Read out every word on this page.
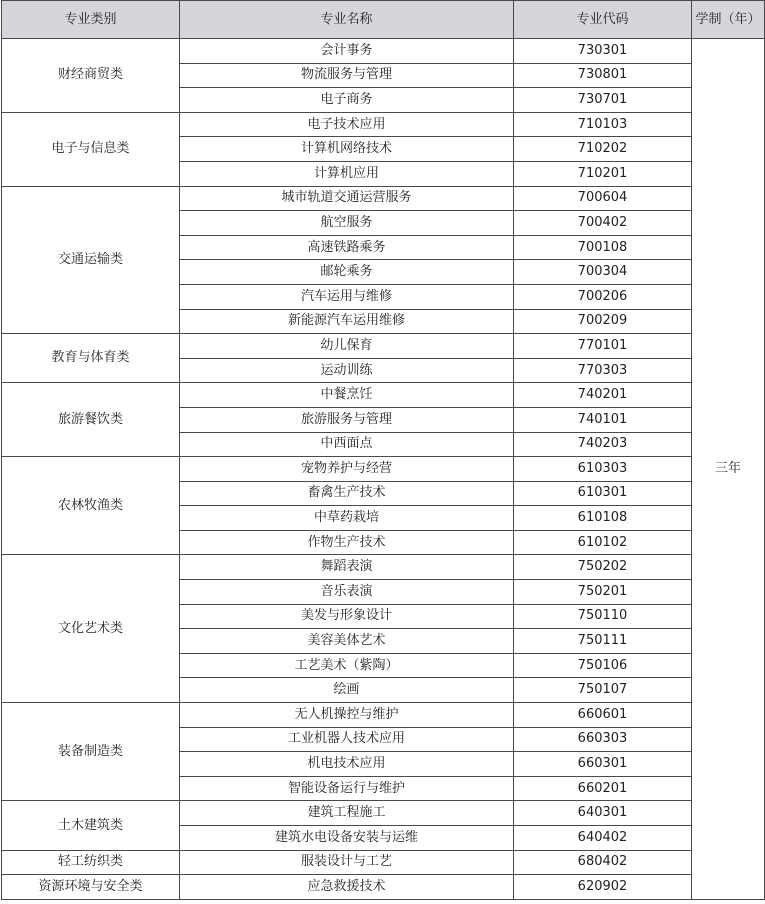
专业类别	专业名称	专业代码	学制（年）
财经商贸类	会计事务	730301	三年
	物流服务与管理	730801	
	电子商务	730701	
电子与信息类	电子技术应用	710103	
	计算机网络技术	710202	
	计算机应用	710201	
交通运输类	城市轨道交通运营服务	700604	
	航空服务	700402	
	高速铁路乘务	700108	
	邮轮乘务	700304	
	汽车运用与维修	700206	
	新能源汽车运用维修	700209	
教育与体育类	幼儿保育	770101	
	运动训练	770303	
旅游餐饮类	中餐烹饪	740201	
	旅游服务与管理	740101	
	中西面点	740203	
农林牧渔类	宠物养护与经营	610303	
	畜禽生产技术	610301	
	中草药栽培	610108	
	作物生产技术	610102	
文化艺术类	舞蹈表演	750202	
	音乐表演	750201	
	美发与形象设计	750110	
	美容美体艺术	750111	
	工艺美术（紫陶）	750106	
	绘画	750107	
装备制造类	无人机操控与维护	660601	
	工业机器人技术应用	660303	
	机电技术应用	660301	
	智能设备运行与维护	660201	
土木建筑类	建筑工程施工	640301	
	建筑水电设备安装与运维	640402	
轻工纺织类	服装设计与工艺	680402	
资源环境与安全类	应急救援技术	620902	
